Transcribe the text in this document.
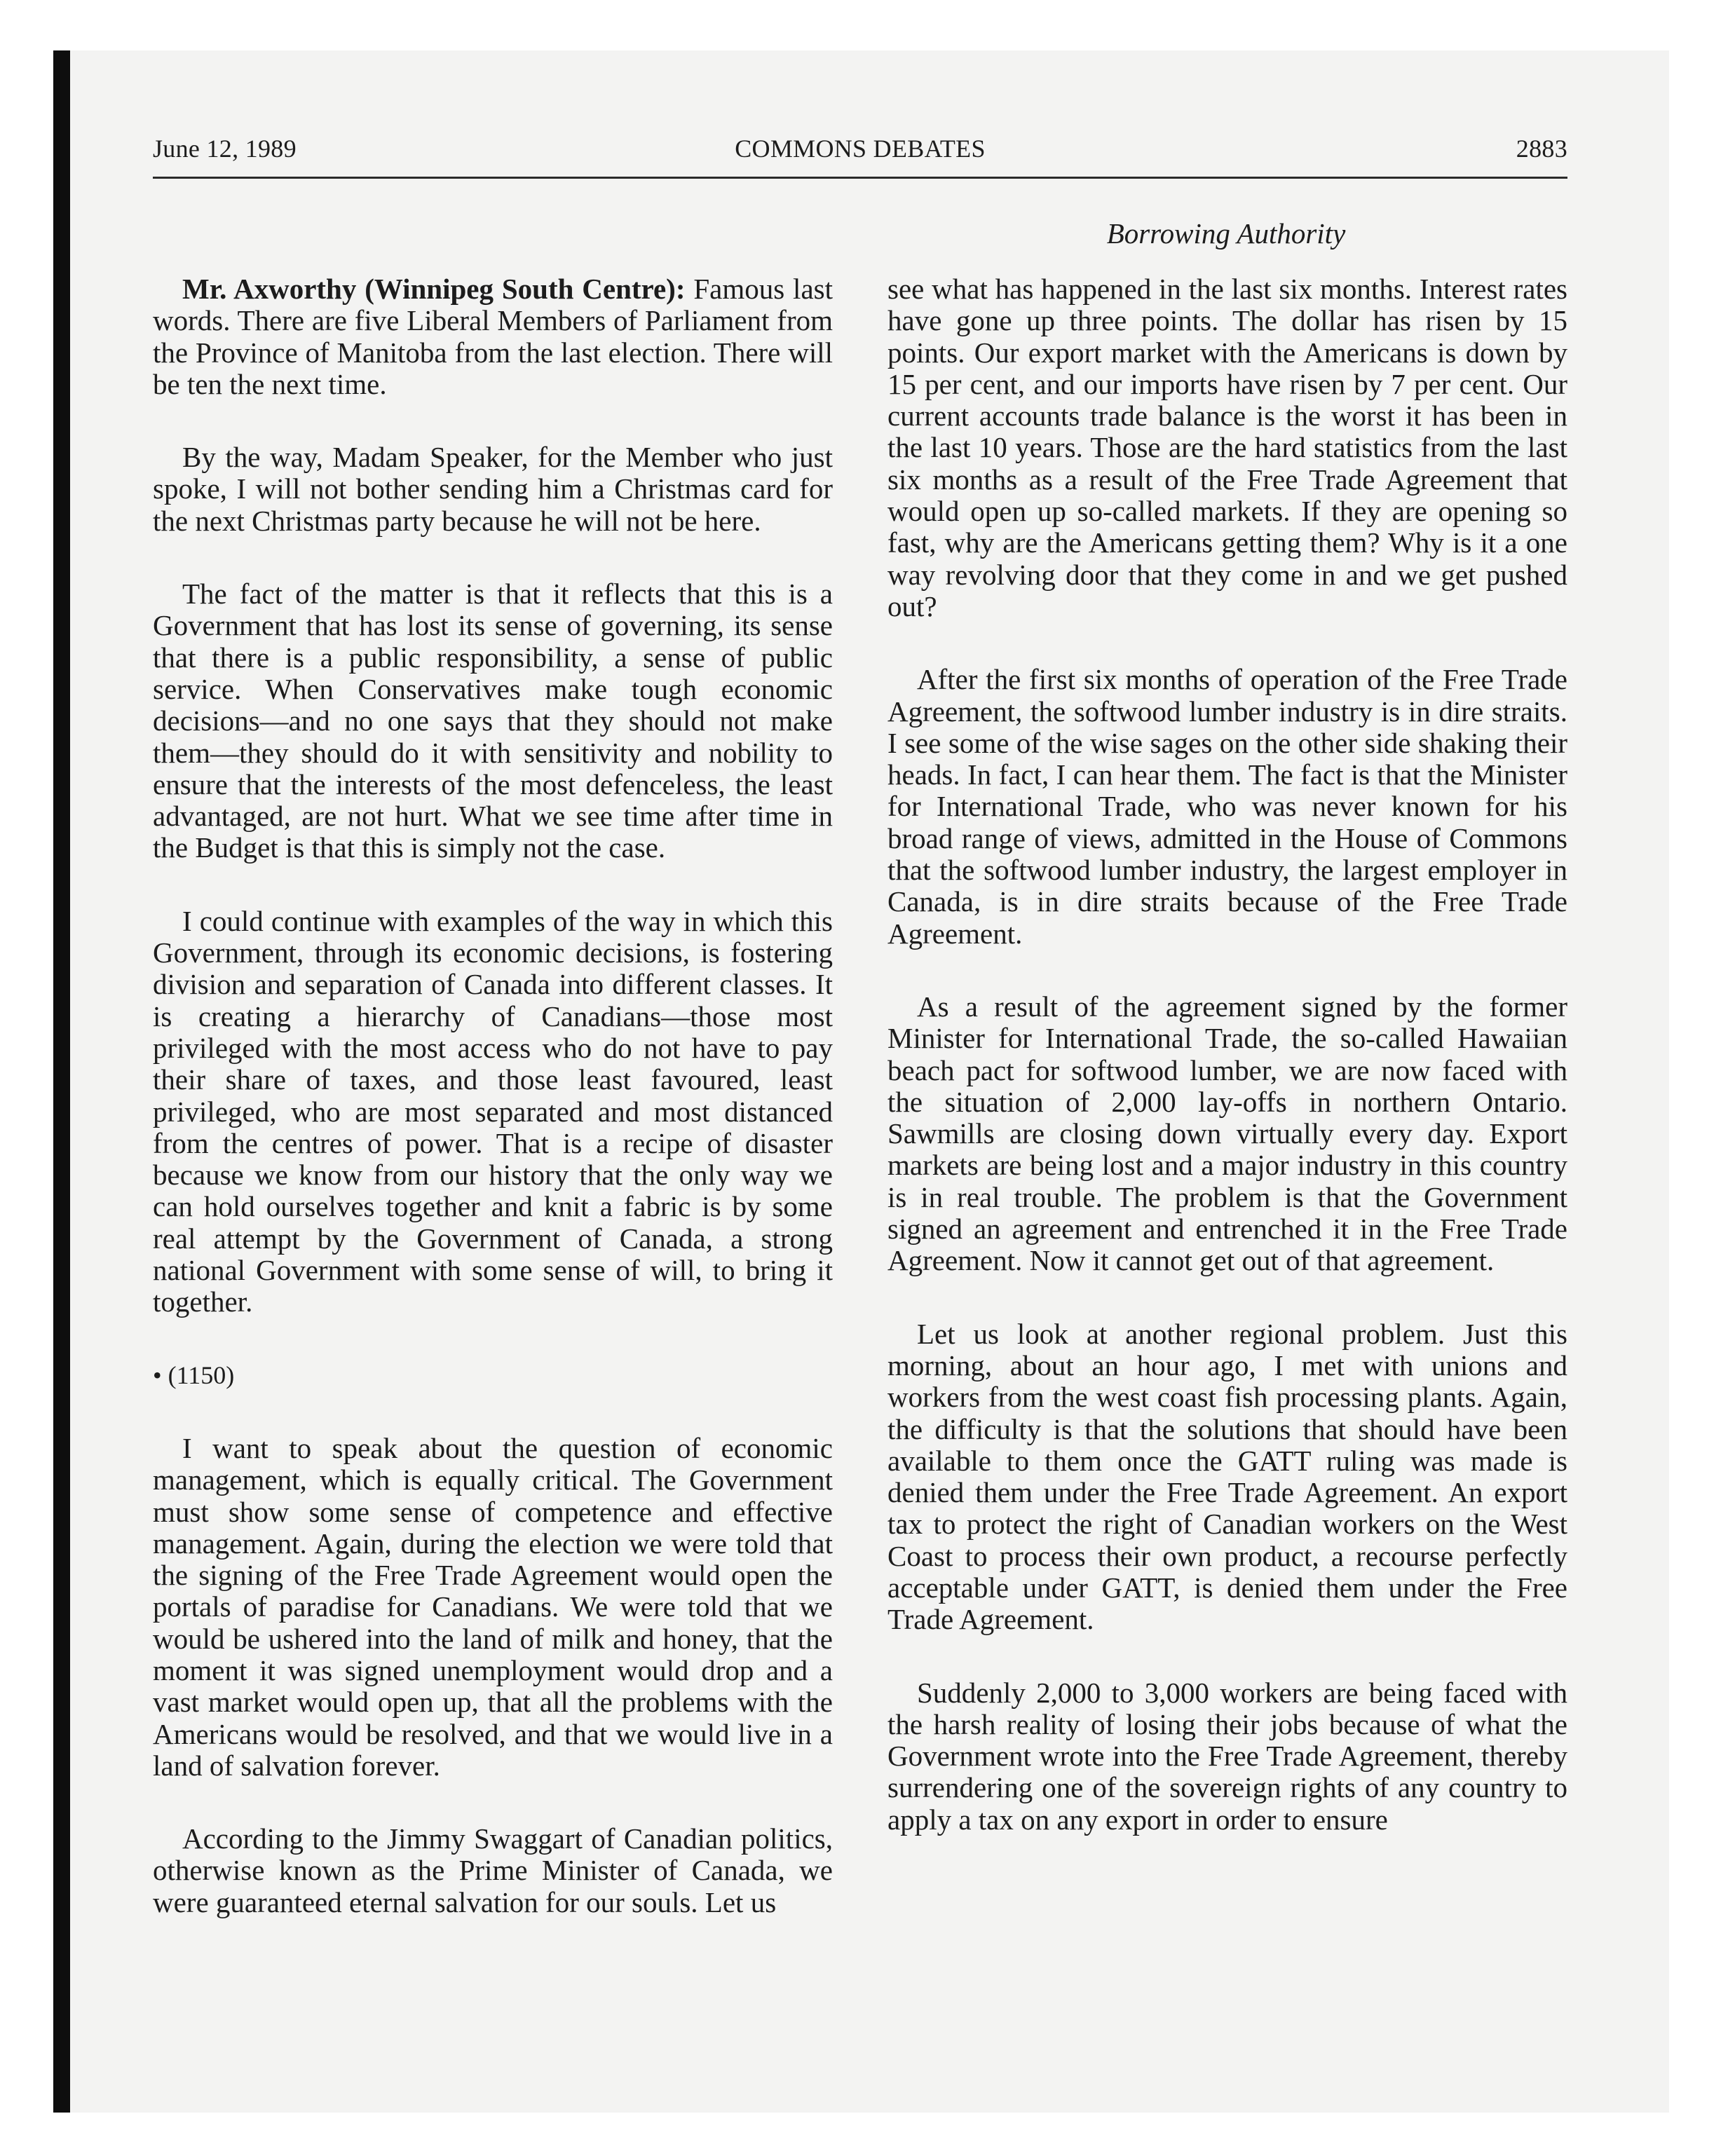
June 12, 1989	COMMONS DEBATES	2883
Borrowing Authority

Mr. Axworthy (Winnipeg South Centre): Famous last words. There are five Liberal Members of Parliament from the Province of Manitoba from the last election. There will be ten the next time.

By the way, Madam Speaker, for the Member who just spoke, I will not bother sending him a Christmas card for the next Christmas party because he will not be here.

The fact of the matter is that it reflects that this is a Government that has lost its sense of governing, its sense that there is a public responsibility, a sense of public service. When Conservatives make tough economic decisions—and no one says that they should not make them—they should do it with sensitivity and nobility to ensure that the interests of the most defenceless, the least advantaged, are not hurt. What we see time after time in the Budget is that this is simply not the case.

I could continue with examples of the way in which this Government, through its economic decisions, is fostering division and separation of Canada into different classes. It is creating a hierarchy of Canadians—those most privileged with the most access who do not have to pay their share of taxes, and those least favoured, least privileged, who are most separated and most distanced from the centres of power. That is a recipe of disaster because we know from our history that the only way we can hold ourselves together and knit a fabric is by some real attempt by the Government of Canada, a strong national Government with some sense of will, to bring it together.

• (1150)

I want to speak about the question of economic management, which is equally critical. The Government must show some sense of competence and effective management. Again, during the election we were told that the signing of the Free Trade Agreement would open the portals of paradise for Canadians. We were told that we would be ushered into the land of milk and honey, that the moment it was signed unemployment would drop and a vast market would open up, that all the problems with the Americans would be resolved, and that we would live in a land of salvation forever.

According to the Jimmy Swaggart of Canadian politics, otherwise known as the Prime Minister of Canada, we were guaranteed eternal salvation for our souls. Let us

see what has happened in the last six months. Interest rates have gone up three points. The dollar has risen by 15 points. Our export market with the Americans is down by 15 per cent, and our imports have risen by 7 per cent. Our current accounts trade balance is the worst it has been in the last 10 years. Those are the hard statistics from the last six months as a result of the Free Trade Agreement that would open up so-called markets. If they are opening so fast, why are the Americans getting them? Why is it a one way revolving door that they come in and we get pushed out?

After the first six months of operation of the Free Trade Agreement, the softwood lumber industry is in dire straits. I see some of the wise sages on the other side shaking their heads. In fact, I can hear them. The fact is that the Minister for International Trade, who was never known for his broad range of views, admitted in the House of Commons that the softwood lumber industry, the largest employer in Canada, is in dire straits because of the Free Trade Agreement.

As a result of the agreement signed by the former Minister for International Trade, the so-called Hawaiian beach pact for softwood lumber, we are now faced with the situation of 2,000 lay-offs in northern Ontario. Sawmills are closing down virtually every day. Export markets are being lost and a major industry in this country is in real trouble. The problem is that the Government signed an agreement and entrenched it in the Free Trade Agreement. Now it cannot get out of that agreement.

Let us look at another regional problem. Just this morning, about an hour ago, I met with unions and workers from the west coast fish processing plants. Again, the difficulty is that the solutions that should have been available to them once the GATT ruling was made is denied them under the Free Trade Agreement. An export tax to protect the right of Canadian workers on the West Coast to process their own product, a recourse perfectly acceptable under GATT, is denied them under the Free Trade Agreement.

Suddenly 2,000 to 3,000 workers are being faced with the harsh reality of losing their jobs because of what the Government wrote into the Free Trade Agreement, thereby surrendering one of the sovereign rights of any country to apply a tax on any export in order to ensure
